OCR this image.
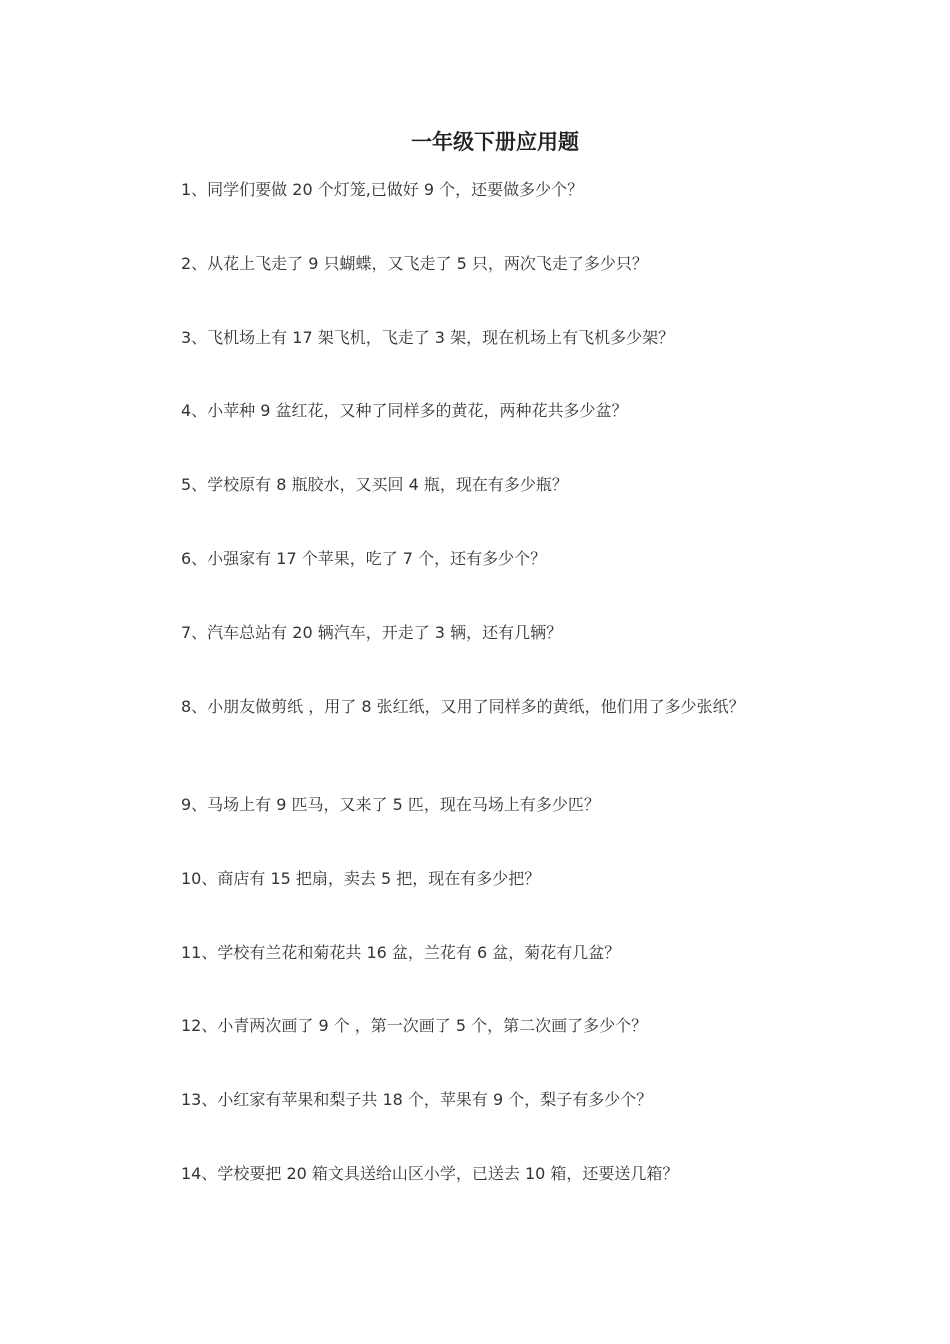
一年级下册应用题
1、同学们要做 20 个灯笼,已做好 9 个，还要做多少个？
2、从花上飞走了 9 只蝴蝶，又飞走了 5 只，两次飞走了多少只？
3、飞机场上有 17 架飞机，飞走了 3 架，现在机场上有飞机多少架？
4、小苹种 9 盆红花，又种了同样多的黄花，两种花共多少盆？
5、学校原有 8 瓶胶水，又买回 4 瓶，现在有多少瓶？
6、小强家有 17 个苹果，吃了 7 个，还有多少个？
7、汽车总站有 20 辆汽车，开走了 3 辆，还有几辆？
8、小朋友做剪纸 ，用了 8 张红纸，又用了同样多的黄纸，他们用了多少张纸？
9、马场上有 9 匹马，又来了 5 匹，现在马场上有多少匹？
10、商店有 15 把扇，卖去 5 把，现在有多少把？
11、学校有兰花和菊花共 16 盆，兰花有 6 盆，菊花有几盆？
12、小青两次画了 9 个 ，第一次画了 5 个，第二次画了多少个？
13、小红家有苹果和梨子共 18 个，苹果有 9 个，梨子有多少个？
14、学校要把 20 箱文具送给山区小学，已送去 10 箱，还要送几箱？
